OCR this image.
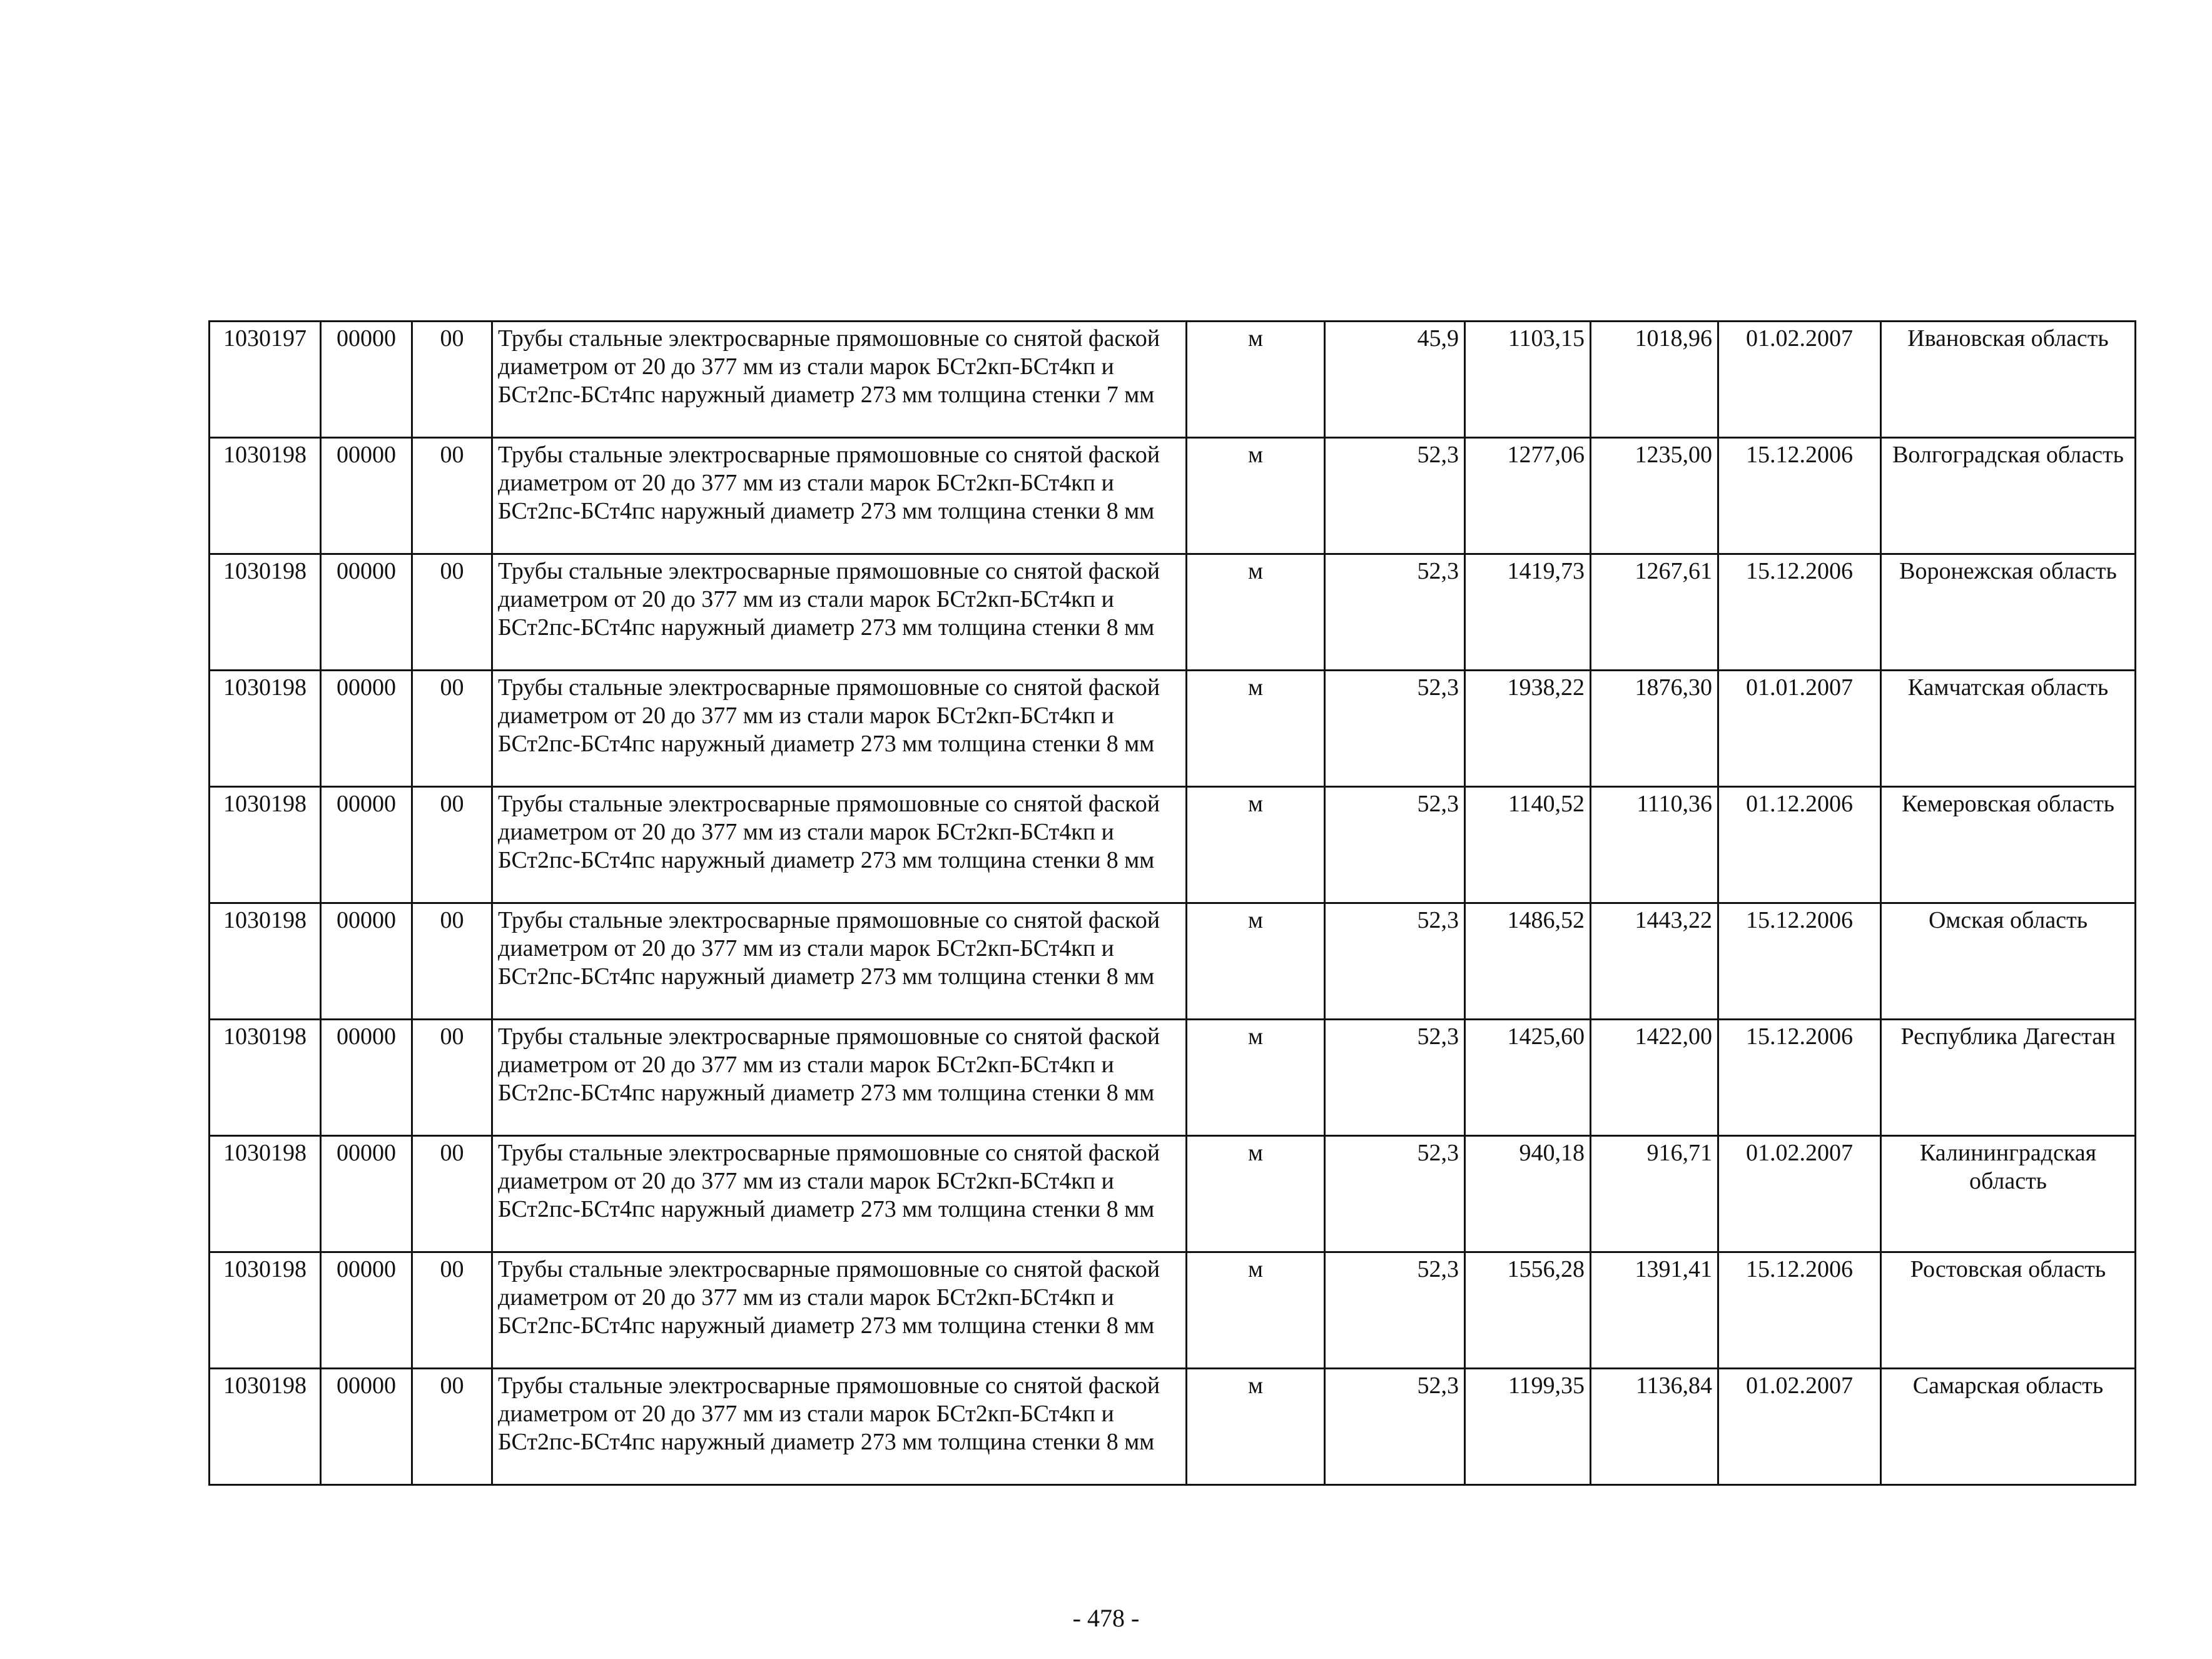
1030197	00000	00	Трубы стальные электросварные прямошовные со снятой фаской диаметром от 20 до 377 мм из стали марок БСт2кп-БСт4кп и БСт2пс-БСт4пс наружный диаметр 273 мм толщина стенки 7 мм	м	45,9	1103,15	1018,96	01.02.2007	Ивановская область
1030198	00000	00	Трубы стальные электросварные прямошовные со снятой фаской диаметром от 20 до 377 мм из стали марок БСт2кп-БСт4кп и БСт2пс-БСт4пс наружный диаметр 273 мм толщина стенки 8 мм	м	52,3	1277,06	1235,00	15.12.2006	Волгоградская область
1030198	00000	00	Трубы стальные электросварные прямошовные со снятой фаской диаметром от 20 до 377 мм из стали марок БСт2кп-БСт4кп и БСт2пс-БСт4пс наружный диаметр 273 мм толщина стенки 8 мм	м	52,3	1419,73	1267,61	15.12.2006	Воронежская область
1030198	00000	00	Трубы стальные электросварные прямошовные со снятой фаской диаметром от 20 до 377 мм из стали марок БСт2кп-БСт4кп и БСт2пс-БСт4пс наружный диаметр 273 мм толщина стенки 8 мм	м	52,3	1938,22	1876,30	01.01.2007	Камчатская область
1030198	00000	00	Трубы стальные электросварные прямошовные со снятой фаской диаметром от 20 до 377 мм из стали марок БСт2кп-БСт4кп и БСт2пс-БСт4пс наружный диаметр 273 мм толщина стенки 8 мм	м	52,3	1140,52	1110,36	01.12.2006	Кемеровская область
1030198	00000	00	Трубы стальные электросварные прямошовные со снятой фаской диаметром от 20 до 377 мм из стали марок БСт2кп-БСт4кп и БСт2пс-БСт4пс наружный диаметр 273 мм толщина стенки 8 мм	м	52,3	1486,52	1443,22	15.12.2006	Омская область
1030198	00000	00	Трубы стальные электросварные прямошовные со снятой фаской диаметром от 20 до 377 мм из стали марок БСт2кп-БСт4кп и БСт2пс-БСт4пс наружный диаметр 273 мм толщина стенки 8 мм	м	52,3	1425,60	1422,00	15.12.2006	Республика Дагестан
1030198	00000	00	Трубы стальные электросварные прямошовные со снятой фаской диаметром от 20 до 377 мм из стали марок БСт2кп-БСт4кп и БСт2пс-БСт4пс наружный диаметр 273 мм толщина стенки 8 мм	м	52,3	940,18	916,71	01.02.2007	Калининградская область
1030198	00000	00	Трубы стальные электросварные прямошовные со снятой фаской диаметром от 20 до 377 мм из стали марок БСт2кп-БСт4кп и БСт2пс-БСт4пс наружный диаметр 273 мм толщина стенки 8 мм	м	52,3	1556,28	1391,41	15.12.2006	Ростовская область
1030198	00000	00	Трубы стальные электросварные прямошовные со снятой фаской диаметром от 20 до 377 мм из стали марок БСт2кп-БСт4кп и БСт2пс-БСт4пс наружный диаметр 273 мм толщина стенки 8 мм	м	52,3	1199,35	1136,84	01.02.2007	Самарская область
- 478 -
